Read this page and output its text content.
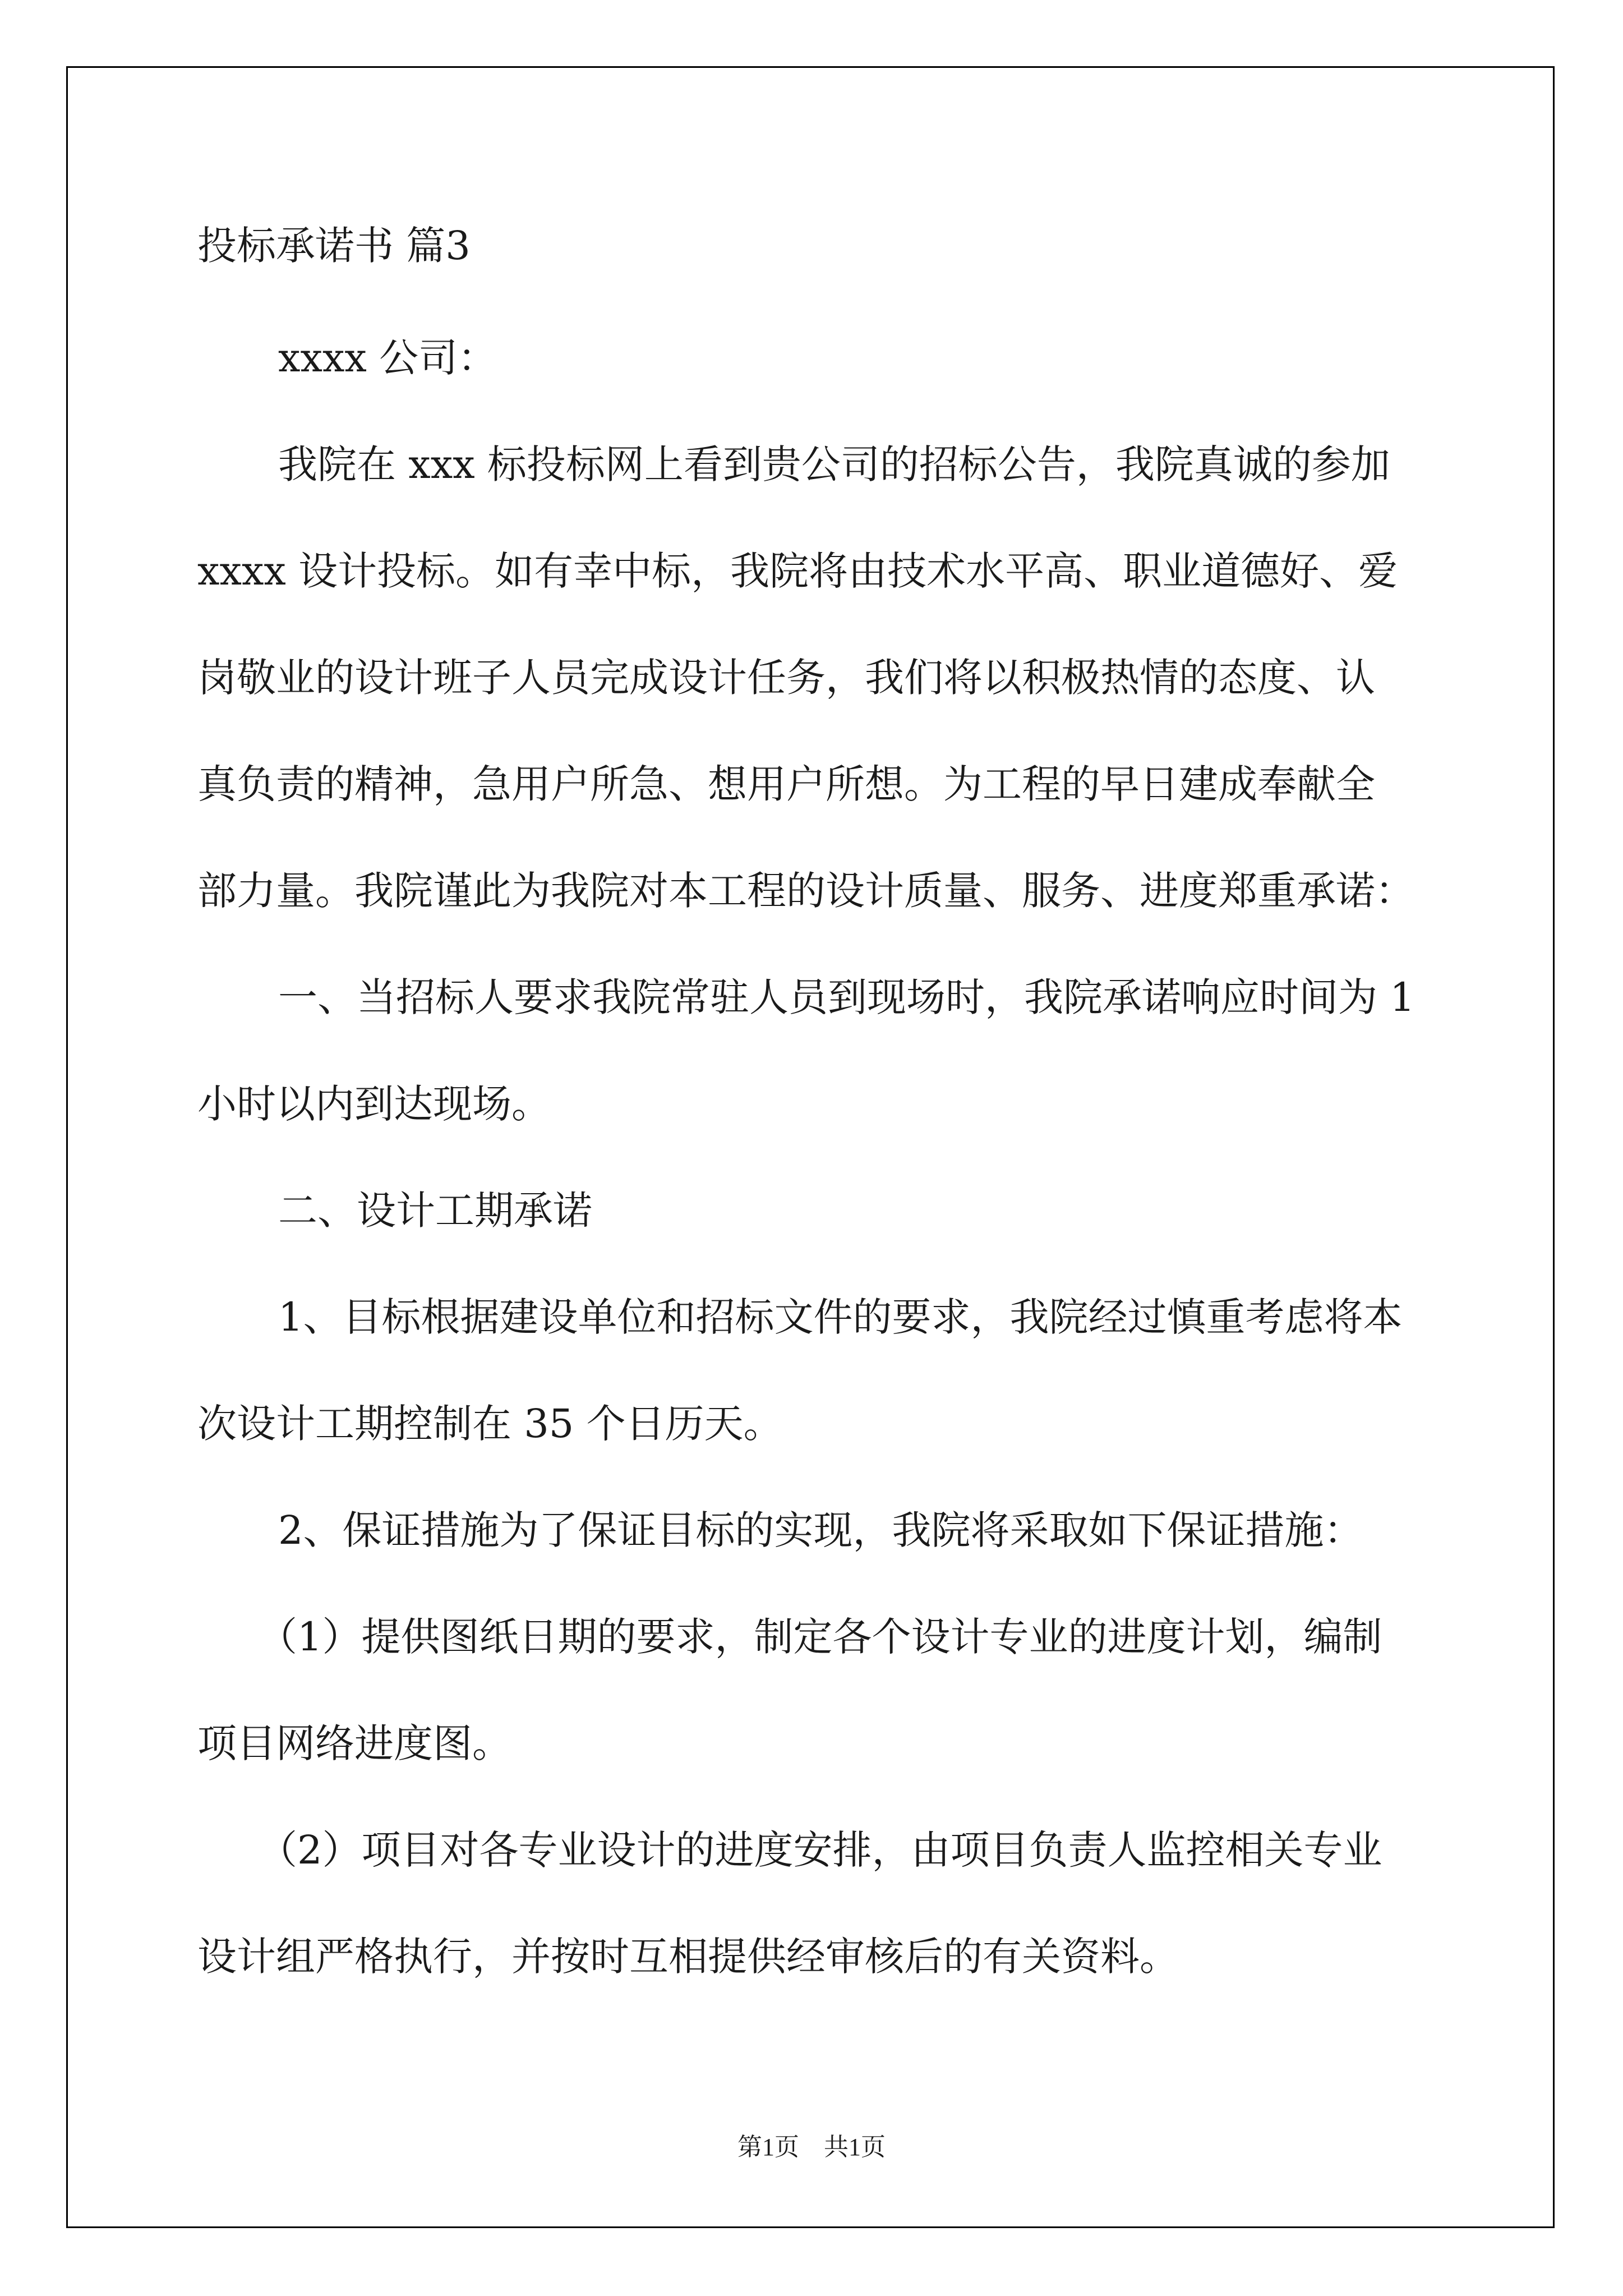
投标承诺书 篇3
xxxx 公司：
我院在 xxx 标投标网上看到贵公司的招标公告，我院真诚的参加
xxxx 设计投标。如有幸中标，我院将由技术水平高、职业道德好、爱
岗敬业的设计班子人员完成设计任务，我们将以积极热情的态度、认
真负责的精神，急用户所急、想用户所想。为工程的早日建成奉献全
部力量。我院谨此为我院对本工程的设计质量、服务、进度郑重承诺：
一、当招标人要求我院常驻人员到现场时，我院承诺响应时间为 1
小时以内到达现场。
二、设计工期承诺
1、目标根据建设单位和招标文件的要求，我院经过慎重考虑将本
次设计工期控制在 35 个日历天。
2、保证措施为了保证目标的实现，我院将采取如下保证措施：
（1）提供图纸日期的要求，制定各个设计专业的进度计划，编制
项目网络进度图。
（2）项目对各专业设计的进度安排，由项目负责人监控相关专业
设计组严格执行，并按时互相提供经审核后的有关资料。
第1页　共1页
